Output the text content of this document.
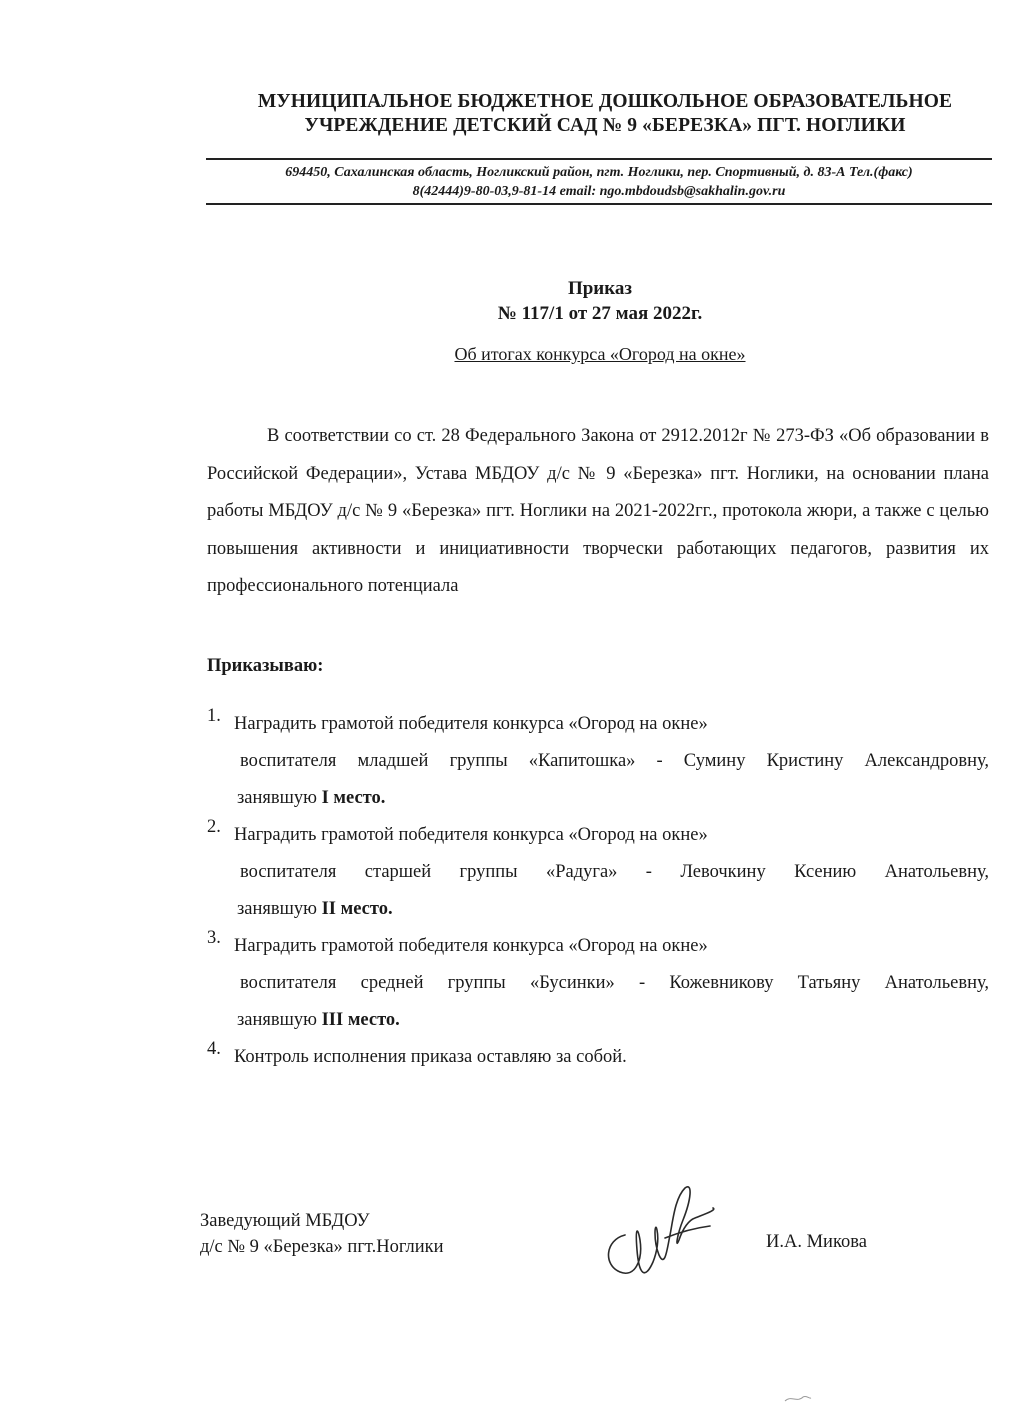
МУНИЦИПАЛЬНОЕ БЮДЖЕТНОЕ ДОШКОЛЬНОЕ ОБРАЗОВАТЕЛЬНОЕ
УЧРЕЖДЕНИЕ ДЕТСКИЙ САД № 9 «БЕРЕЗКА» ПГТ. НОГЛИКИ
694450, Сахалинская область, Ногликский район, пгт. Ноглики, пер. Спортивный, д. 83-А Тел.(факс)
8(42444)9-80-03,9-81-14 email: ngo.mbdoudsb@sakhalin.gov.ru
Приказ
№ 117/1 от 27 мая 2022г.
Об итогах конкурса «Огород на окне»

В соответствии со ст. 28 Федерального Закона от 2912.2012г № 273-ФЗ «Об образовании в Российской Федерации», Устава МБДОУ д/с № 9 «Березка» пгт. Ноглики, на основании плана работы МБДОУ д/с № 9 «Березка» пгт. Ноглики на 2021-2022гг., протокола жюри, а также с целью повышения активности и инициативности творчески работающих педагогов, развития их профессионального потенциала

Приказываю:
1. Наградить грамотой победителя конкурса «Огород на окне»
воспитателя младшей группы «Капитошка» - Сумину Кристину Александровну,
занявшую I место.
2. Наградить грамотой победителя конкурса «Огород на окне»
воспитателя старшей группы «Радуга» - Левочкину Ксению Анатольевну,
занявшую II место.
3. Наградить грамотой победителя конкурса «Огород на окне»
воспитателя средней группы «Бусинки» - Кожевникову Татьяну Анатольевну,
занявшую III место.
4. Контроль исполнения приказа оставляю за собой.
Заведующий МБДОУ
д/с № 9 «Березка» пгт.Ноглики	И.А. Микова
